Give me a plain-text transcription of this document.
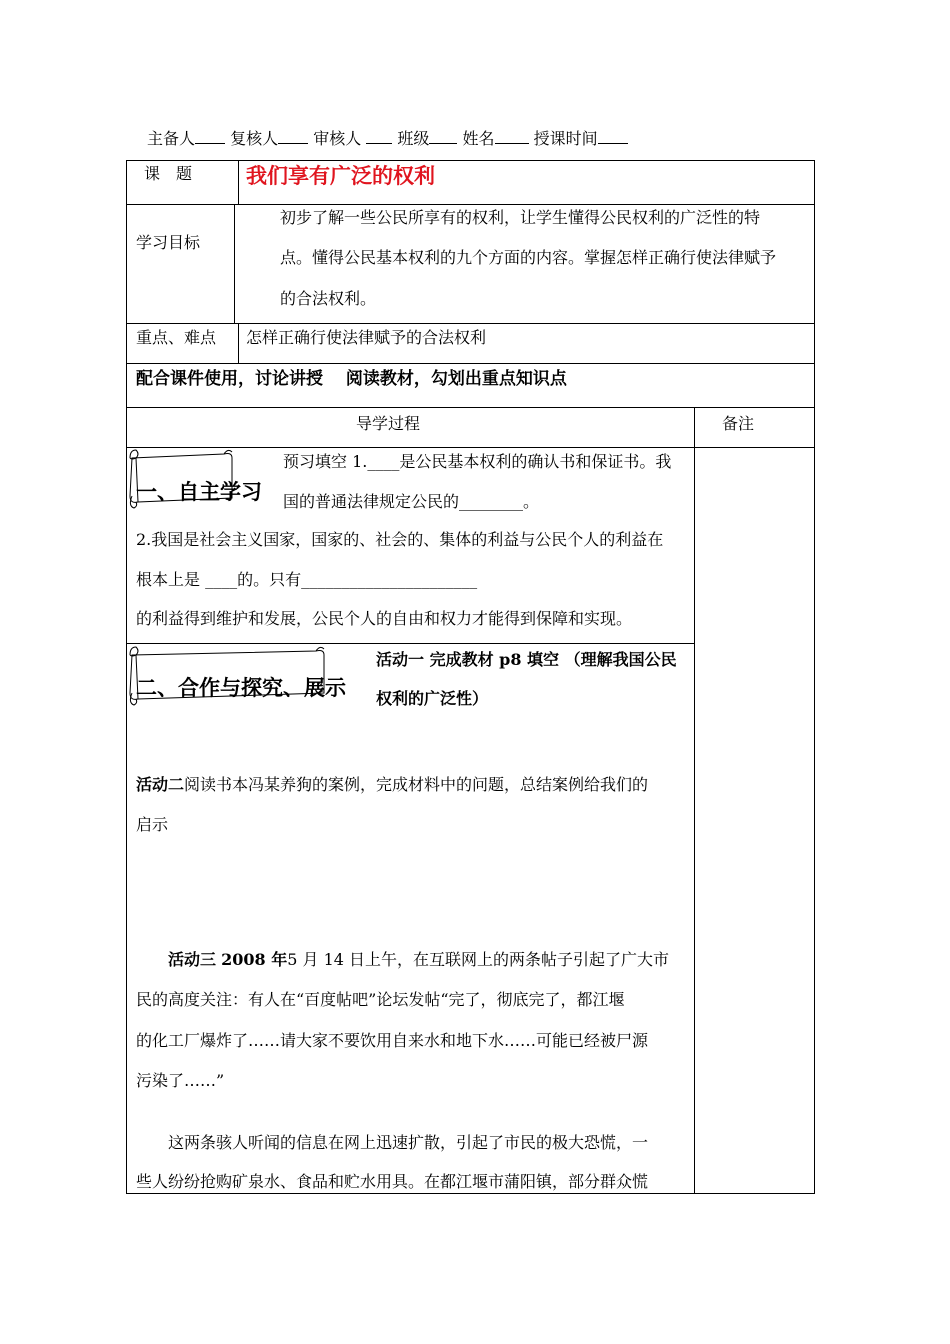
主备人 复核人 审核人 班级 姓名 授课时间
课　题	我们享有广泛的权利
学习目标
初步了解一些公民所享有的权利，让学生懂得公民权利的广泛性的特
点。懂得公民基本权利的九个方面的内容。掌握怎样正确行使法律赋予
的合法权利。
重点、难点 怎样正确行使法律赋予的合法权利
配合课件使用，讨论讲授　 阅读教材，勾划出重点知识点
导学过程	备注
一、自主学习
预习填空 1.____是公民基本权利的确认书和保证书。我
国的普通法律规定公民的________。
2.我国是社会主义国家，国家的、社会的、集体的利益与公民个人的利益在
根本上是 ____的。只有______________________
的利益得到维护和发展，公民个人的自由和权力才能得到保障和实现。
二、合作与探究、展示
活动一 完成教材 p8 填空 （理解我国公民
权利的广泛性）
活动二阅读书本冯某养狗的案例，完成材料中的问题，总结案例给我们的
启示
活动三 2008 年5 月 14 日上午，在互联网上的两条帖子引起了广大市
民的高度关注：有人在“百度帖吧”论坛发帖“完了，彻底完了，都江堰
的化工厂爆炸了……请大家不要饮用自来水和地下水……可能已经被尸源
污染了……”
这两条骇人听闻的信息在网上迅速扩散，引起了市民的极大恐慌，一
些人纷纷抢购矿泉水、食品和贮水用具。在都江堰市蒲阳镇，部分群众慌
